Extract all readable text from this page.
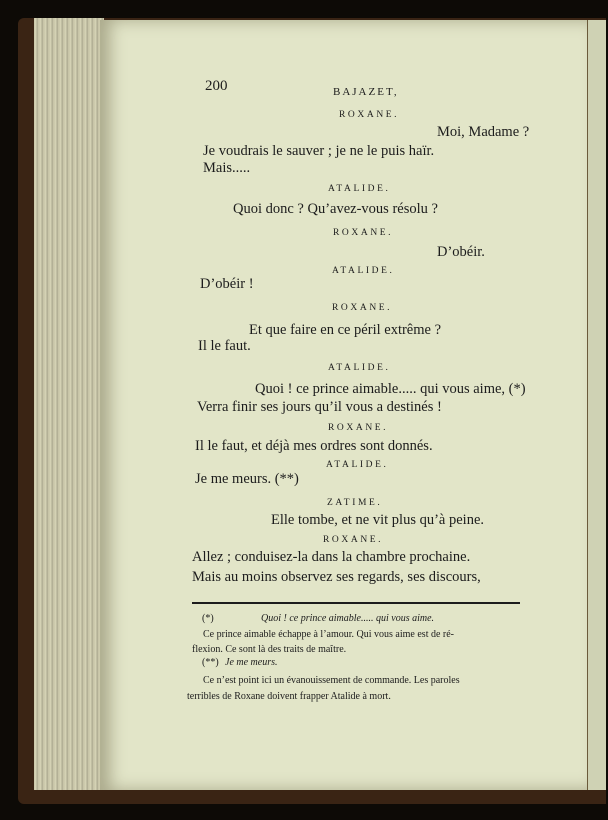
200	BAJAZET,
ROXANE.
Moi, Madame ?
Je voudrais le sauver ; je ne le puis haïr.
Mais.....
ATALIDE.
Quoi donc ? Qu’avez-vous résolu ?
ROXANE.
D’obéir.
ATALIDE.
D’obéir !
ROXANE.
Et que faire en ce péril extrême ?
Il le faut.
ATALIDE.
Quoi ! ce prince aimable..... qui vous aime, (*)
Verra finir ses jours qu’il vous a destinés !
ROXANE.
Il le faut, et déjà mes ordres sont donnés.
ATALIDE.
Je me meurs. (**)
ZATIME.
Elle tombe, et ne vit plus qu’à peine.
ROXANE.
Allez ; conduisez-la dans la chambre prochaine.
Mais au moins observez ses regards, ses discours,
(*)	Quoi ! ce prince aimable..... qui vous aime.
Ce prince aimable échappe à l’amour. Qui vous aime est de ré-
flexion. Ce sont là des traits de maître.
(**) Je me meurs.
Ce n’est point ici un évanouissement de commande. Les paroles
terribles de Roxane doivent frapper Atalide à mort.
